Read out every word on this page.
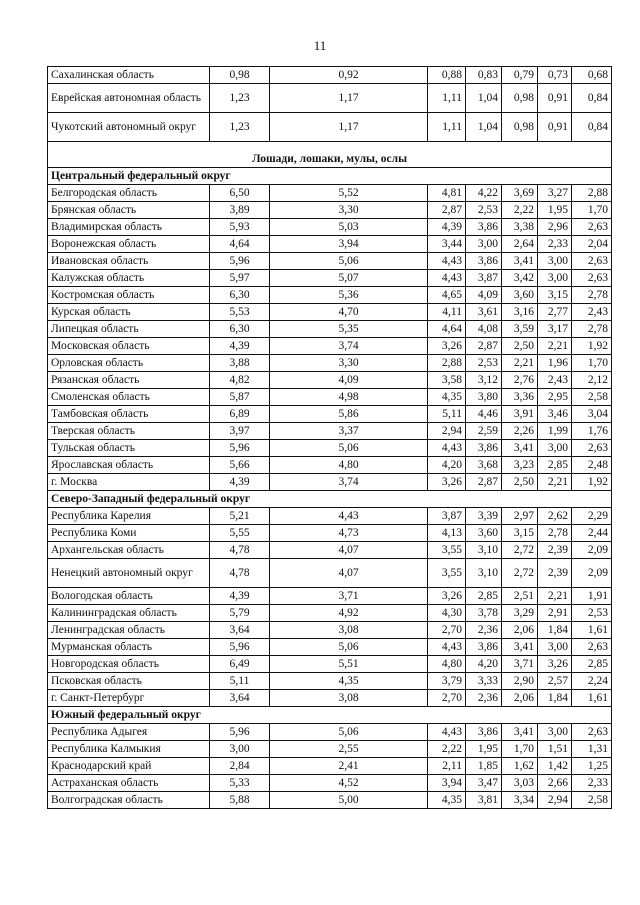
11
Сахалинская область	0,98	0,92	0,88	0,83	0,79	0,73	0,68
Еврейская автономная область	1,23	1,17	1,11	1,04	0,98	0,91	0,84
Чукотский автономный округ	1,23	1,17	1,11	1,04	0,98	0,91	0,84

Лошади, лошаки, мулы, ослы							
Центральный федеральный округ							
Белгородская область	6,50	5,52	4,81	4,22	3,69	3,27	2,88
Брянская область	3,89	3,30	2,87	2,53	2,22	1,95	1,70
Владимирская область	5,93	5,03	4,39	3,86	3,38	2,96	2,63
Воронежская область	4,64	3,94	3,44	3,00	2,64	2,33	2,04
Ивановская область	5,96	5,06	4,43	3,86	3,41	3,00	2,63
Калужская область	5,97	5,07	4,43	3,87	3,42	3,00	2,63
Костромская область	6,30	5,36	4,65	4,09	3,60	3,15	2,78
Курская область	5,53	4,70	4,11	3,61	3,16	2,77	2,43
Липецкая область	6,30	5,35	4,64	4,08	3,59	3,17	2,78
Московская область	4,39	3,74	3,26	2,87	2,50	2,21	1,92
Орловская область	3,88	3,30	2,88	2,53	2,21	1,96	1,70
Рязанская область	4,82	4,09	3,58	3,12	2,76	2,43	2,12
Смоленская область	5,87	4,98	4,35	3,80	3,36	2,95	2,58
Тамбовская область	6,89	5,86	5,11	4,46	3,91	3,46	3,04
Тверская область	3,97	3,37	2,94	2,59	2,26	1,99	1,76
Тульская область	5,96	5,06	4,43	3,86	3,41	3,00	2,63
Ярославская область	5,66	4,80	4,20	3,68	3,23	2,85	2,48
г. Москва	4,39	3,74	3,26	2,87	2,50	2,21	1,92
Северо-Западный федеральный округ							
Республика Карелия	5,21	4,43	3,87	3,39	2,97	2,62	2,29
Республика Коми	5,55	4,73	4,13	3,60	3,15	2,78	2,44
Архангельская область	4,78	4,07	3,55	3,10	2,72	2,39	2,09
Ненецкий автономный округ	4,78	4,07	3,55	3,10	2,72	2,39	2,09
Вологодская область	4,39	3,71	3,26	2,85	2,51	2,21	1,91
Калининградская область	5,79	4,92	4,30	3,78	3,29	2,91	2,53
Ленинградская область	3,64	3,08	2,70	2,36	2,06	1,84	1,61
Мурманская область	5,96	5,06	4,43	3,86	3,41	3,00	2,63
Новгородская область	6,49	5,51	4,80	4,20	3,71	3,26	2,85
Псковская область	5,11	4,35	3,79	3,33	2,90	2,57	2,24
г. Санкт-Петербург	3,64	3,08	2,70	2,36	2,06	1,84	1,61
Южный федеральный округ							
Республика Адыгея	5,96	5,06	4,43	3,86	3,41	3,00	2,63
Республика Калмыкия	3,00	2,55	2,22	1,95	1,70	1,51	1,31
Краснодарский край	2,84	2,41	2,11	1,85	1,62	1,42	1,25
Астраханская область	5,33	4,52	3,94	3,47	3,03	2,66	2,33
Волгоградская область	5,88	5,00	4,35	3,81	3,34	2,94	2,58
